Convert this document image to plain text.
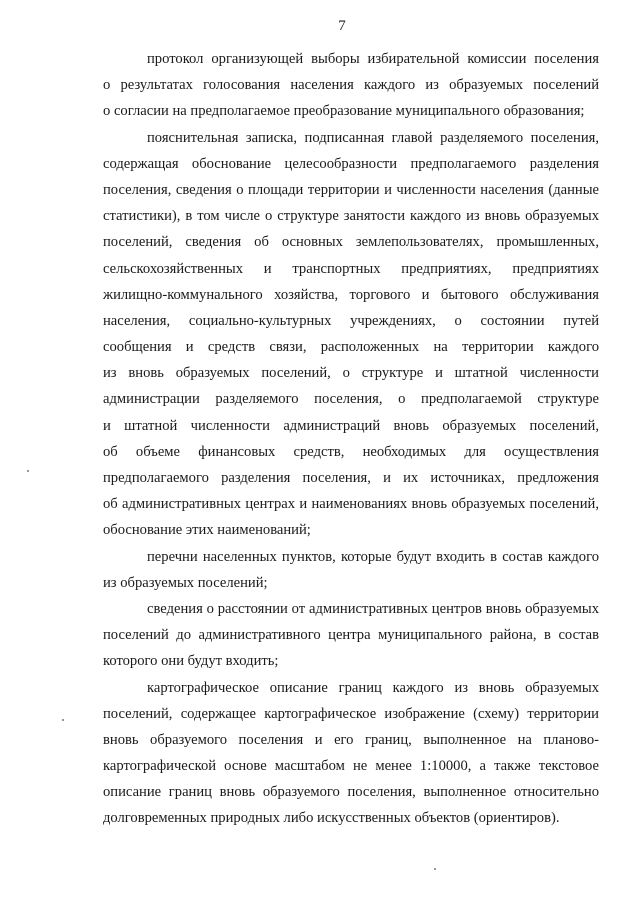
7
протокол организующей выборы избирательной комиссии поселения
о результатах голосования населения каждого из образуемых поселений
о согласии на предполагаемое преобразование муниципального образования;
пояснительная записка, подписанная главой разделяемого поселения,
содержащая обоснование целесообразности предполагаемого разделения
поселения, сведения о площади территории и численности населения (данные
статистики), в том числе о структуре занятости каждого из вновь образуемых
поселений, сведения об основных землепользователях, промышленных,
сельскохозяйственных и транспортных предприятиях, предприятиях
жилищно-коммунального хозяйства, торгового и бытового обслуживания
населения, социально-культурных учреждениях, о состоянии путей
сообщения и средств связи, расположенных на территории каждого
из вновь образуемых поселений, о структуре и штатной численности
администрации разделяемого поселения, о предполагаемой структуре
и штатной численности администраций вновь образуемых поселений,
об объеме финансовых средств, необходимых для осуществления
предполагаемого разделения поселения, и их источниках, предложения
об административных центрах и наименованиях вновь образуемых поселений,
обоснование этих наименований;
перечни населенных пунктов, которые будут входить в состав каждого
из образуемых поселений;
сведения о расстоянии от административных центров вновь образуемых
поселений до административного центра муниципального района, в состав
которого они будут входить;
картографическое описание границ каждого из вновь образуемых
поселений, содержащее картографическое изображение (схему) территории
вновь образуемого поселения и его границ, выполненное на планово-
картографической основе масштабом не менее 1:10000, а также текстовое
описание границ вновь образуемого поселения, выполненное относительно
долговременных природных либо искусственных объектов (ориентиров).
